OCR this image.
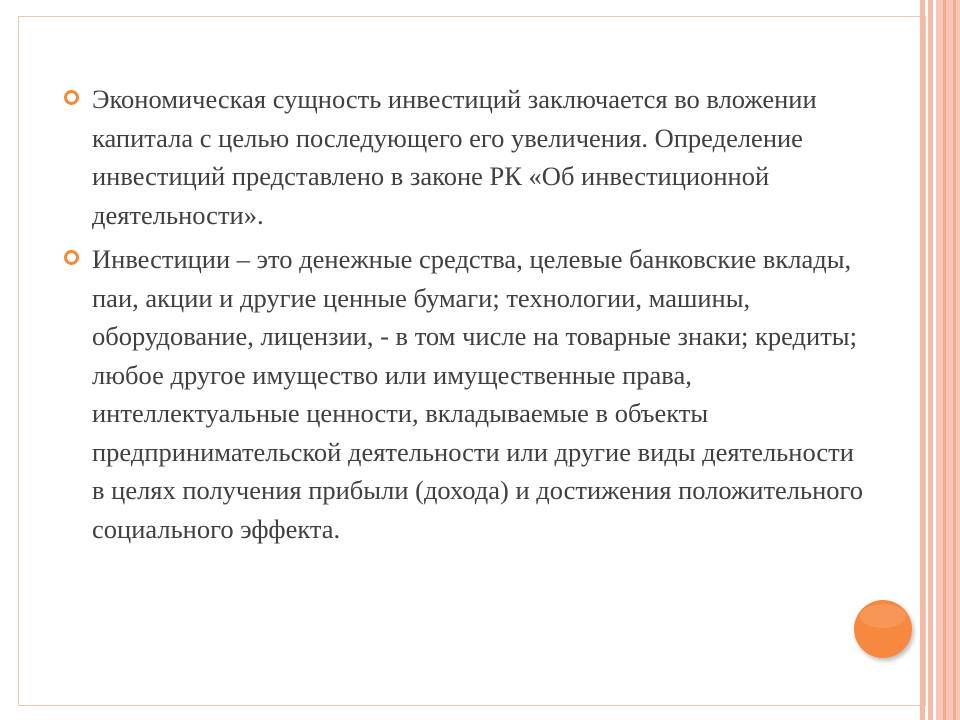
Экономическая сущность инвестиций заключается во вложении капитала с целью последующего его увеличения. Определение инвестиций представлено в законе РК «Об инвестиционной деятельности».
Инвестиции – это денежные средства, целевые банковские вклады, паи, акции и другие ценные бумаги; технологии, машины, оборудование, лицензии, - в том числе на товарные знаки; кредиты; любое другое имущество или имущественные права, интеллектуальные ценности, вкладываемые в объекты предпринимательской деятельности или другие виды деятельности в целях получения прибыли (дохода) и достижения положительного социального эффекта.
